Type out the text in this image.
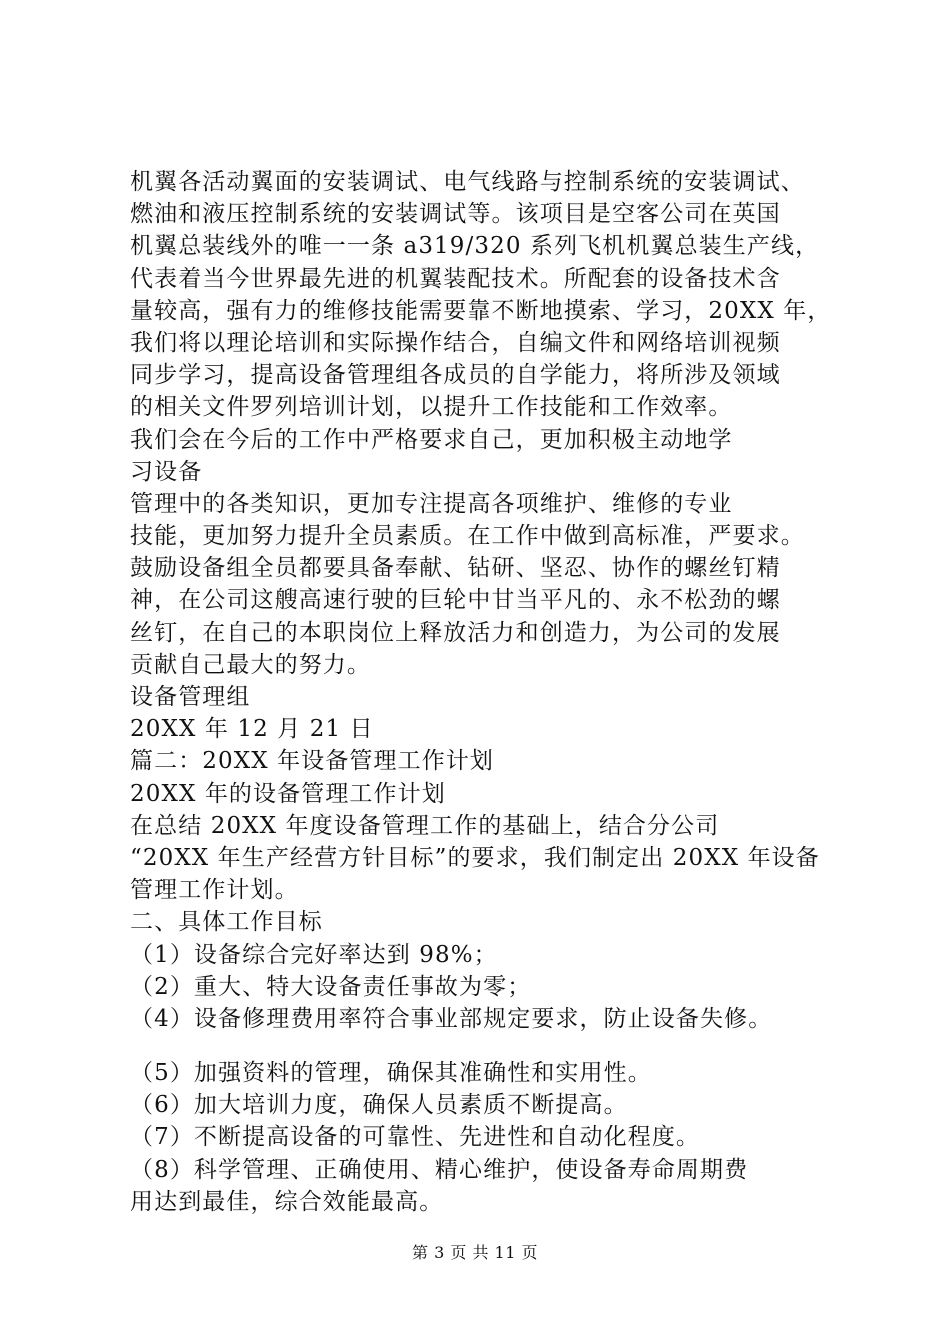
机翼各活动翼面的安装调试、电气线路与控制系统的安装调试、
燃油和液压控制系统的安装调试等。该项目是空客公司在英国
机翼总装线外的唯一一条 a319/320 系列飞机机翼总装生产线，
代表着当今世界最先进的机翼装配技术。所配套的设备技术含
量较高，强有力的维修技能需要靠不断地摸索、学习，20XX 年，
我们将以理论培训和实际操作结合，自编文件和网络培训视频
同步学习，提高设备管理组各成员的自学能力，将所涉及领域
的相关文件罗列培训计划，以提升工作技能和工作效率。
我们会在今后的工作中严格要求自己，更加积极主动地学
习设备
管理中的各类知识，更加专注提高各项维护、维修的专业
技能，更加努力提升全员素质。在工作中做到高标准，严要求。
鼓励设备组全员都要具备奉献、钻研、坚忍、协作的螺丝钉精
神，在公司这艘高速行驶的巨轮中甘当平凡的、永不松劲的螺
丝钉，在自己的本职岗位上释放活力和创造力，为公司的发展
贡献自己最大的努力。
设备管理组
20XX 年 12 月 21 日
篇二：20XX 年设备管理工作计划
20XX 年的设备管理工作计划
在总结 20XX 年度设备管理工作的基础上，结合分公司
“20XX 年生产经营方针目标”的要求，我们制定出 20XX 年设备
管理工作计划。
二、具体工作目标
（1）设备综合完好率达到 98%；
（2）重大、特大设备责任事故为零；
（4）设备修理费用率符合事业部规定要求，防止设备失修。
（5）加强资料的管理，确保其准确性和实用性。
（6）加大培训力度，确保人员素质不断提高。
（7）不断提高设备的可靠性、先进性和自动化程度。
（8）科学管理、正确使用、精心维护，使设备寿命周期费
用达到最佳，综合效能最高。
第 3 页 共 11 页
